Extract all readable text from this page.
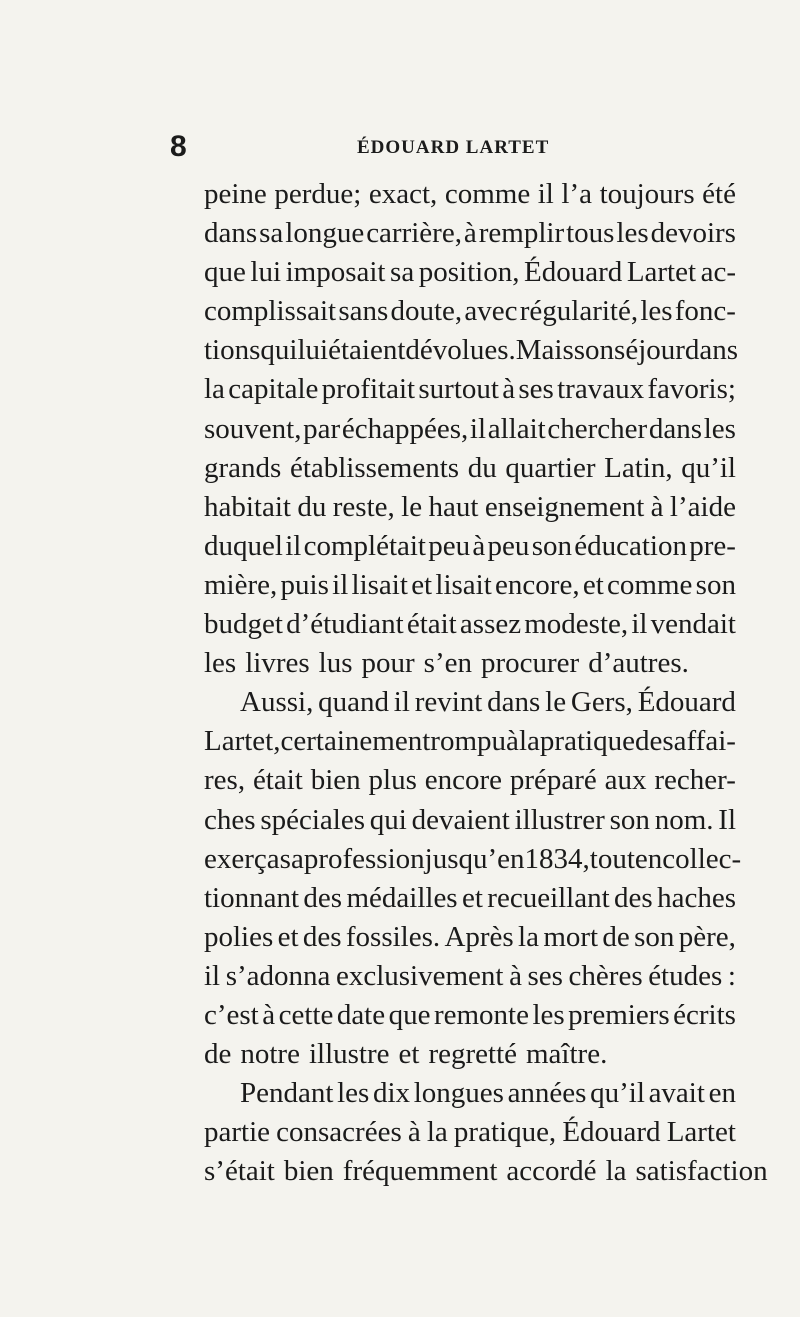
8	ÉDOUARD LARTET
peine perdue; exact, comme il l’a toujours été
dans sa longue carrière, à remplir tous les devoirs
que lui imposait sa position, Édouard Lartet ac-
complissait sans doute, avec régularité, les fonc-
tions qui lui étaient dévolues. Mais son séjour dans
la capitale profitait surtout à ses travaux favoris;
souvent, par échappées, il allait chercher dans les
grands établissements du quartier Latin, qu’il
habitait du reste, le haut enseignement à l’aide
duquel il complétait peu à peu son éducation pre-
mière, puis il lisait et lisait encore, et comme son
budget d’étudiant était assez modeste, il vendait
les livres lus pour s’en procurer d’autres.
Aussi, quand il revint dans le Gers, Édouard
Lartet, certainement rompu à la pratique des affai-
res, était bien plus encore préparé aux recher-
ches spéciales qui devaient illustrer son nom. Il
exerça sa profession jusqu’en 1834, tout en collec-
tionnant des médailles et recueillant des haches
polies et des fossiles. Après la mort de son père,
il s’adonna exclusivement à ses chères études :
c’est à cette date que remonte les premiers écrits
de notre illustre et regretté maître.
Pendant les dix longues années qu’il avait en
partie consacrées à la pratique, Édouard Lartet
s’était bien fréquemment accordé la satisfaction
